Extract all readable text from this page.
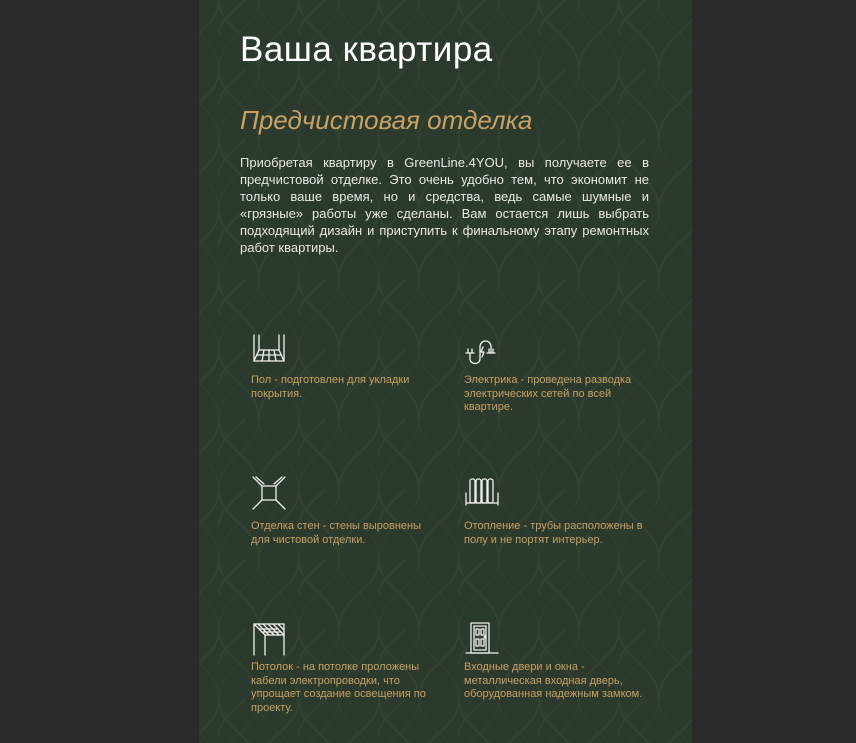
Ваша квартира
Предчистовая отделка

Приобретая квартиру в GreenLine.4YOU, вы получаете ее в предчистовой отделке. Это очень удобно тем, что экономит не только ваше время, но и средства, ведь самые шумные и «грязные» работы уже сделаны. Вам остается лишь выбрать подходящий дизайн и приступить к финальному этапу ремонтных работ квартиры.

Пол - подготовлен для укладки покрытия.

Электрика - проведена разводка электрических сетей по всей квартире.

Отделка стен - стены выровнены для чистовой отделки.

Отопление - трубы расположены в полу и не портят интерьер.

Потолок - на потолке проложены кабели электропроводки, что упрощает создание освещения по проекту.

Входные двери и окна - металлическая входная дверь, оборудованная надежным замком.
